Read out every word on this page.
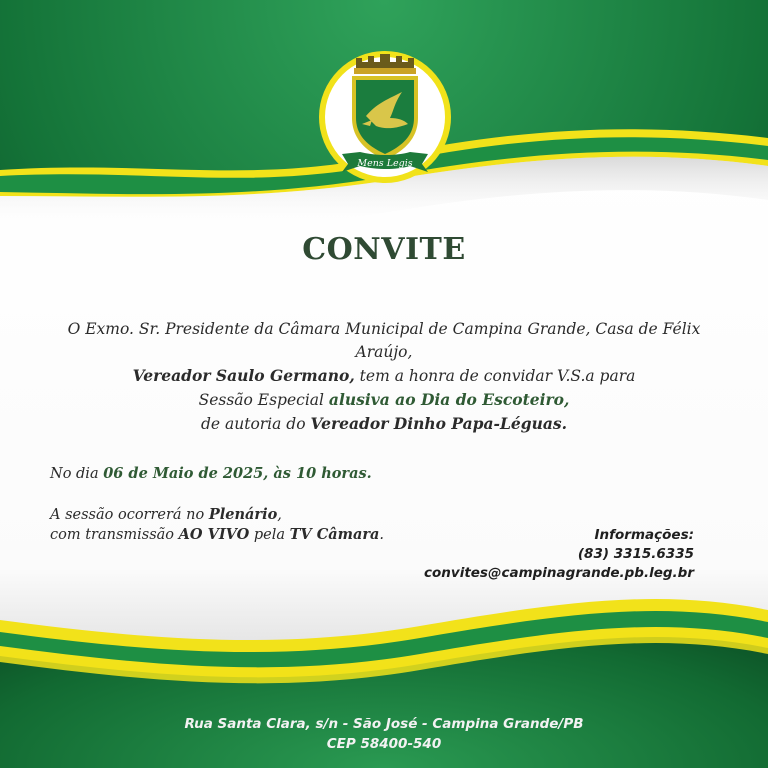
Mens Legis
CONVITE
O Exmo. Sr. Presidente da Câmara Municipal de Campina Grande, Casa de Félix Araújo,
Vereador Saulo Germano, tem a honra de convidar V.S.a para
Sessão Especial alusiva ao Dia do Escoteiro,
de autoria do Vereador Dinho Papa-Léguas.
No dia 06 de Maio de 2025, às 10 horas.
A sessão ocorrerá no Plenário,
com transmissão AO VIVO pela TV Câmara.	Informações:
(83) 3315.6335
convites@campinagrande.pb.leg.br
Rua Santa Clara, s/n - São José - Campina Grande/PB
CEP 58400-540
